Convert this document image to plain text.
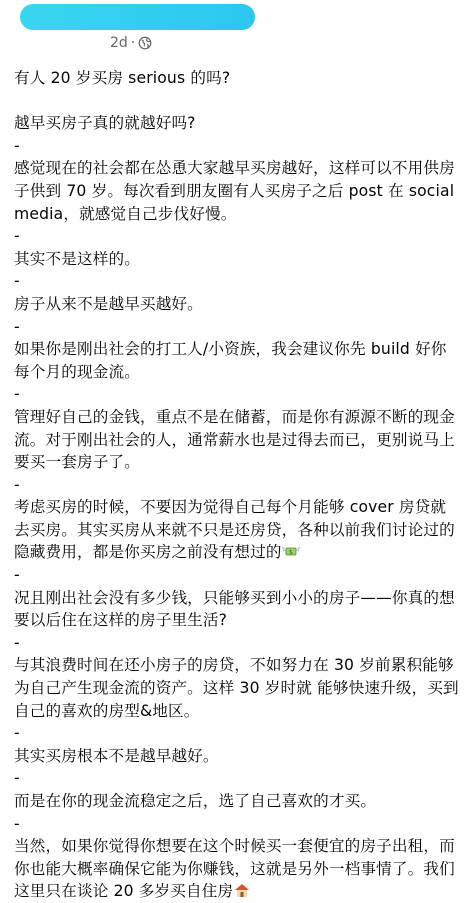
2d ·

有人 20 岁买房 serious 的吗?

越早买房子真的就越好吗?

-

感觉现在的社会都在怂恿大家越早买房越好，这样可以不用供房子供到 70 岁。每次看到朋友圈有人买房子之后 post 在 social media，就感觉自己步伐好慢。

-

其实不是这样的。

-

房子从来不是越早买越好。

-

如果你是刚出社会的打工人/小资族，我会建议你先 build 好你每个月的现金流。

-

管理好自己的金钱，重点不是在储蓄，而是你有源源不断的现金流。对于刚出社会的人，通常薪水也是过得去而已，更别说马上要买一套房子了。

-

考虑买房的时候，不要因为觉得自己每个月能够 cover 房贷就去买房。其实买房从来就不只是还房贷，各种以前我们讨论过的隐藏费用，都是你买房之前没有想过的 $

-

况且刚出社会没有多少钱，只能够买到小小的房子——你真的想要以后住在这样的房子里生活?

-

与其浪费时间在还小房子的房贷，不如努力在 30 岁前累积能够为自己产生现金流的资产。这样 30 岁时就 能够快速升级，买到自己的喜欢的房型&地区。

-

其实买房根本不是越早越好。

-

而是在你的现金流稳定之后，选了自己喜欢的才买。

-

当然，如果你觉得你想要在这个时候买一套便宜的房子出租，而你也能大概率确保它能为你赚钱，这就是另外一档事情了。我们这里只在谈论 20 多岁买自住房
